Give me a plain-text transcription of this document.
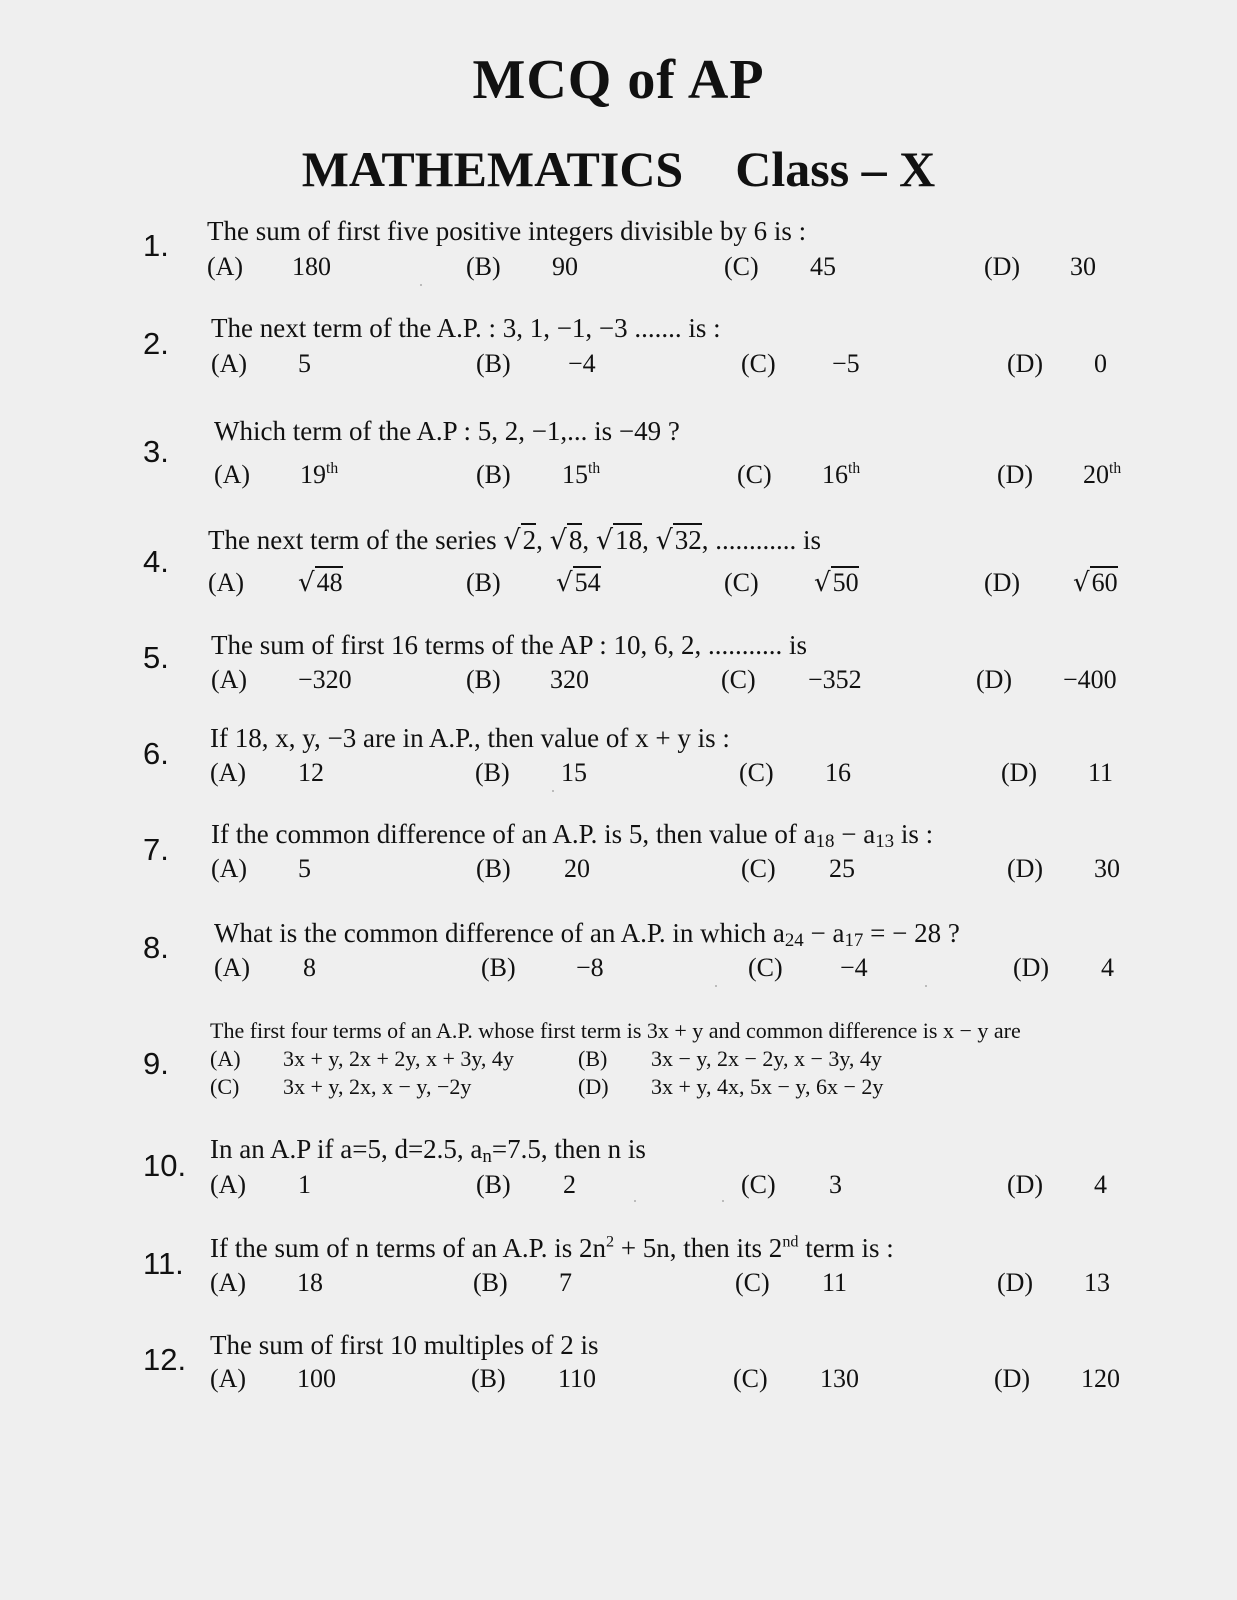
MCQ of AP
MATHEMATICS Class – X
1. The sum of first five positive integers divisible by 6 is :
(A) 180	(B) 90	(C) 45	(D) 30
2. The next term of the A.P. : 3, 1, −1, −3 ....... is :
(A) 5	(B) −4	(C) −5	(D) 0
3.
Which term of the A.P : 5, 2, −1,... is −49 ?
(A) 19th	(B) 15th	(C) 16th	(D) 20th
4.
The next term of the series √2, √8, √18, √32, ............ is
(A) √48	(B) √54	(C) √50	(D) √60
5. The sum of first 16 terms of the AP : 10, 6, 2, ........... is
(A) −320	(B) 320	(C) −352	(D) −400
6. If 18, x, y, −3 are in A.P., then value of x + y is :
(A) 12	(B) 15	(C) 16	(D) 11
7. If the common difference of an A.P. is 5, then value of $a_{18} - a_{13}$ is :
(A) 5	(B) 20	(C) 25	(D) 30
8. What is the common difference of an A.P. in which $a_{24} - a_{17}$ = − 28 ?
(A) 8	(B) −8	(C) −4	(D) 4
9.
The first four terms of an A.P. whose first term is 3x + y and common difference is x − y are
(A) 3x + y, 2x + 2y, x + 3y, 4y	(B) 3x − y, 2x − 2y, x − 3y, 4y
(C) 3x + y, 2x, x − y, −2y	(D) 3x + y, 4x, 5x − y, 6x − 2y
10. In an A.P if a=5, d=2.5, $a_n=7.5$, then n is
(A) 1	(B) 2	(C) 3	(D) 4
11. If the sum of n terms of an A.P. is $2n^2 + 5n$, then its 2nd term is :
(A) 18	(B) 7	(C) 11	(D) 13
12. The sum of first 10 multiples of 2 is
(A) 100	(B) 110	(C) 130	(D) 120
